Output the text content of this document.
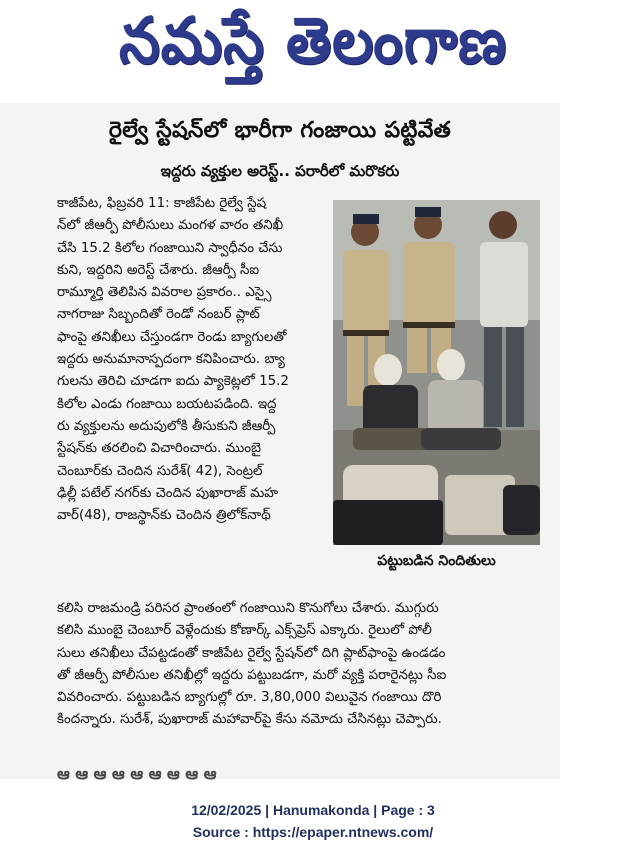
నమస్తే తెలంగాణ
రైల్వే స్టేషన్‌లో భారీగా గంజాయి పట్టివేత
ఇద్దరు వ్యక్తుల అరెస్ట్.. పరారీలో మరొకరు
కాజీపేట, ఫిబ్రవరి 11: కాజీపేట రైల్వే స్టేష
న్‌లో జీఆర్పీ పోలీసులు మంగళ వారం తనిఖీ
చేసి 15.2 కిలోల గంజాయిని స్వాధీనం చేసు
కుని, ఇద్దరిని అరెస్ట్ చేశారు. జీఆర్పీ సీఐ
రామ్మూర్తి తెలిపిన వివరాల ప్రకారం.. ఎస్సై
నాగరాజు సిబ్బందితో రెండో నంబర్ ప్లాట్
ఫాంపై తనిఖీలు చేస్తుండగా రెండు బ్యాగులతో
ఇద్దరు అనుమానాస్పదంగా కనిపించారు. బ్యా
గులను తెరిచి చూడగా ఐదు ప్యాకెట్లలో 15.2
కిలోల ఎండు గంజాయి బయటపడింది. ఇద్ద
రు వ్యక్తులను అదుపులోకి తీసుకుని జీఆర్పీ
స్టేషన్‌కు తరలించి విచారించారు. ముంబై
చెంబూర్‌కు చెందిన సురేశ్( 42), సెంట్రల్
ఢిల్లీ పటేల్ నగర్‌కు చెందిన పుఖారాజ్ మహ
వార్(48), రాజస్థాన్‌కు చెందిన త్రిలోక్‌నాథ్
పట్టుబడిన నిందితులు
కలిసి రాజమండ్రి పరిసర ప్రాంతంలో గంజాయిని కొనుగోలు చేశారు. ముగ్గురు
కలిసి ముంబై చెంబూర్ వెళ్లేందుకు కోణార్క్ ఎక్స్‌ప్రెస్ ఎక్కారు. రైలులో పోలీ
సులు తనిఖీలు చేపట్టడంతో కాజీపేట రైల్వే స్టేషన్‌లో దిగి ప్లాట్‌ఫాంపై ఉండడం
తో జీఆర్పీ పోలీసుల తనిఖీల్లో ఇద్దరు పట్టుబడగా, మరో వ్యక్తి పరారైనట్లు సీఐ
వివరించారు. పట్టుబడిన బ్యాగుల్లో రూ. 3,80,000 విలువైన గంజాయి దొరి
కిందన్నారు. సురేశ్, పుఖారాజ్ మహావార్‌పై కేసు నమోదు చేసినట్లు చెప్పారు.
ఆ ఆ ఆ ఆ ఆ ఆ ఆ ఆ ఆ
12/02/2025 | Hanumakonda | Page : 3
Source : https://epaper.ntnews.com/
